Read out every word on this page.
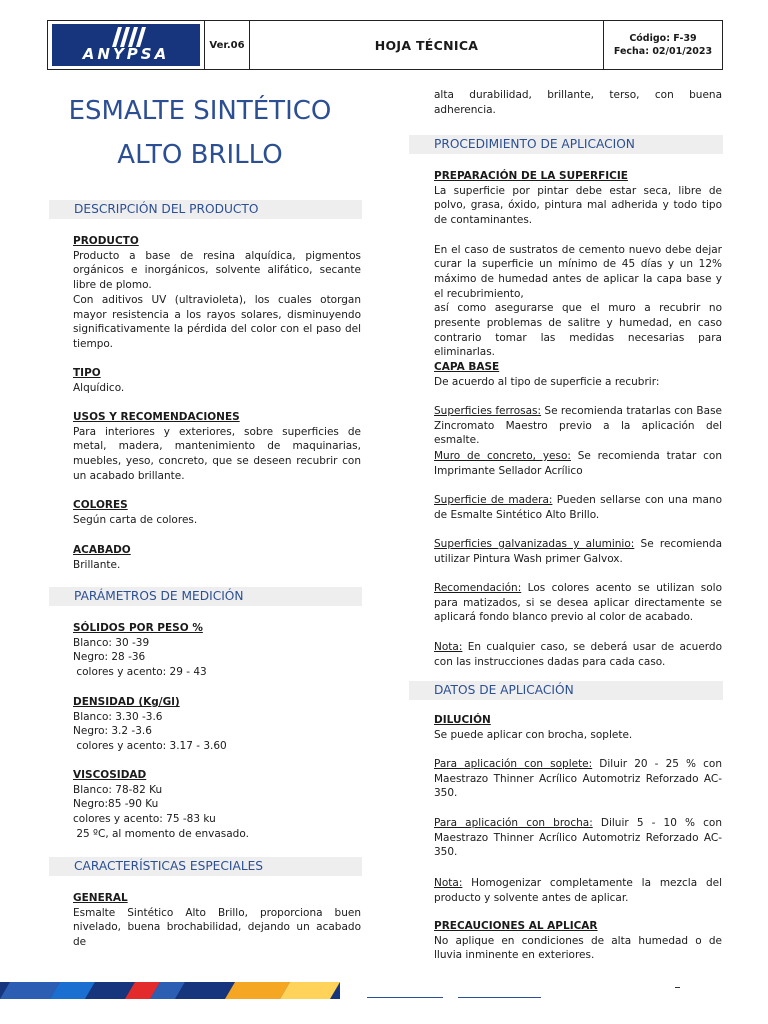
ANYPSA	Ver.06	HOJA TÉCNICA	Código: F-39
Fecha: 02/01/2023
ESMALTE SINTÉTICO
ALTO BRILLO
DESCRIPCIÓN DEL PRODUCTO
PARÁMETROS DE MEDICIÓN
CARACTERÍSTICAS ESPECIALES
PRODUCTO

Producto a base de resina alquídica, pigmentos orgánicos e inorgánicos, solvente alifático, secante libre de plomo.

Con aditivos UV (ultravioleta), los cuales otorgan mayor resistencia a los rayos solares, disminuyendo significativamente la pérdida del color con el paso del tiempo.

TIPO

Alquídico.

USOS Y RECOMENDACIONES

Para interiores y exteriores, sobre superficies de metal, madera, mantenimiento de maquinarias, muebles, yeso, concreto, que se deseen recubrir con un acabado brillante.

COLORES

Según carta de colores.

ACABADO

Brillante.

SÓLIDOS POR PESO %
Blanco: 30 -39
Negro: 28 -36
colores y acento: 29 - 43
DENSIDAD (Kg/Gl)
Blanco: 3.30 -3.6
Negro: 3.2 -3.6
colores y acento: 3.17 - 3.60
VISCOSIDAD
Blanco: 78-82 Ku
Negro:85 -90 Ku
colores y acento: 75 -83 ku
25 ºC, al momento de envasado.
GENERAL

Esmalte Sintético Alto Brillo, proporciona buen nivelado, buena brochabilidad, dejando un acabado de

PROCEDIMIENTO DE APLICACION
DATOS DE APLICACIÓN

alta durabilidad, brillante, terso, con buena adherencia.

PREPARACIÓN DE LA SUPERFICIE

La superficie por pintar debe estar seca, libre de polvo, grasa, óxido, pintura mal adherida y todo tipo de contaminantes.

En el caso de sustratos de cemento nuevo debe dejar curar la superficie un mínimo de 45 días y un 12% máximo de humedad antes de aplicar la capa base y el recubrimiento,

así como asegurarse que el muro a recubrir no presente problemas de salitre y humedad, en caso contrario tomar las medidas necesarias para eliminarlas.

CAPA BASE

De acuerdo al tipo de superficie a recubrir:

Superficies ferrosas: Se recomienda tratarlas con Base Zincromato Maestro previo a la aplicación del esmalte.

Muro de concreto, yeso: Se recomienda tratar con Imprimante Sellador Acrílico

Superficie de madera: Pueden sellarse con una mano de Esmalte Sintético Alto Brillo.

Superficies galvanizadas y aluminio: Se recomienda utilizar Pintura Wash primer Galvox.

Recomendación: Los colores acento se utilizan solo para matizados, si se desea aplicar directamente se aplicará fondo blanco previo al color de acabado.

Nota: En cualquier caso, se deberá usar de acuerdo con las instrucciones dadas para cada caso.

DILUCIÓN

Se puede aplicar con brocha, soplete.

Para aplicación con soplete: Diluir 20 - 25 % con Maestrazo Thinner Acrílico Automotriz Reforzado AC-350.

Para aplicación con brocha: Diluir 5 - 10 % con Maestrazo Thinner Acrílico Automotriz Reforzado AC-350.

Nota: Homogenizar completamente la mezcla del producto y solvente antes de aplicar.

PRECAUCIONES AL APLICAR

No aplique en condiciones de alta humedad o de lluvia inminente en exteriores.
